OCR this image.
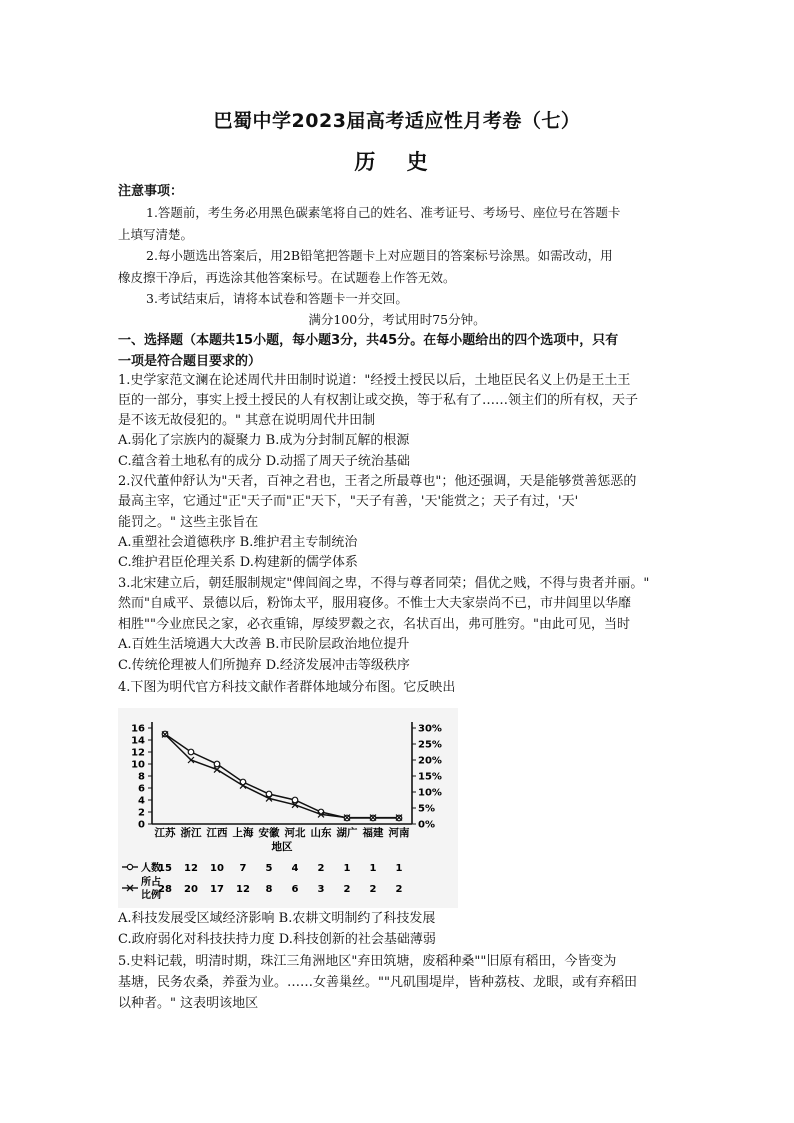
巴蜀中学2023届高考适应性月考卷（七）
历 史
注意事项：
1.答题前，考生务必用黑色碳素笔将自己的姓名、准考证号、考场号、座位号在答题卡
上填写清楚。
2.每小题选出答案后，用2B铅笔把答题卡上对应题目的答案标号涂黑。如需改动，用
橡皮擦干净后，再选涂其他答案标号。在试题卷上作答无效。
3.考试结束后，请将本试卷和答题卡一并交回。
满分100分，考试用时75分钟。
一、选择题（本题共15小题，每小题3分，共45分。在每小题给出的四个选项中，只有
一项是符合题目要求的）
1.史学家范文澜在论述周代井田制时说道："经授土授民以后，土地臣民名义上仍是王土王
臣的一部分，事实上授土授民的人有权割让或交换，等于私有了……领主们的所有权，天子
是不该无故侵犯的。" 其意在说明周代井田制
A.弱化了宗族内的凝聚力 B.成为分封制瓦解的根源
C.蕴含着土地私有的成分 D.动摇了周天子统治基础
2.汉代董仲舒认为"天者，百神之君也，王者之所最尊也"；他还强调，天是能够赏善惩恶的
最高主宰，它通过"正"天子而"正"天下，"天子有善，'天'能赏之；天子有过，'天'
能罚之。" 这些主张旨在
A.重塑社会道德秩序 B.维护君主专制统治
C.维护君臣伦理关系 D.构建新的儒学体系
3.北宋建立后，朝廷服制规定"俾闾阎之卑，不得与尊者同荣；倡优之贱，不得与贵者并丽。"
然而"自咸平、景德以后，粉饰太平，服用寝侈。不惟士大夫家崇尚不已，市井闾里以华靡
相胜""今业庶民之家，必衣重锦，厚绫罗縠之衣，名状百出，弗可胜穷。"由此可见，当时
A.百姓生活境遇大大改善 B.市民阶层政治地位提升
C.传统伦理被人们所抛弃 D.经济发展冲击等级秩序
4.下图为明代官方科技文献作者群体地域分布图。它反映出
0
2
4
6
8
10
12
14
16
0%
5%
10%
15%
20%
25%
30%
江苏 浙江 江西 上海 安徽 河北 山东 湖广 福建 河南
地区
人数
所占
比例
15 12 10 7 5 4 2 1 1 1
28 20 17 12 8 6 3 2 2 2
A.科技发展受区域经济影响 B.农耕文明制约了科技发展
C.政府弱化对科技扶持力度 D.科技创新的社会基础薄弱
5.史料记载，明清时期，珠江三角洲地区"弃田筑塘，废稻种桑""旧原有稻田，今皆变为
基塘，民务农桑，养蚕为业。……女善巢丝。""凡矶围堤岸，皆种荔枝、龙眼，或有弃稻田
以种者。" 这表明该地区
